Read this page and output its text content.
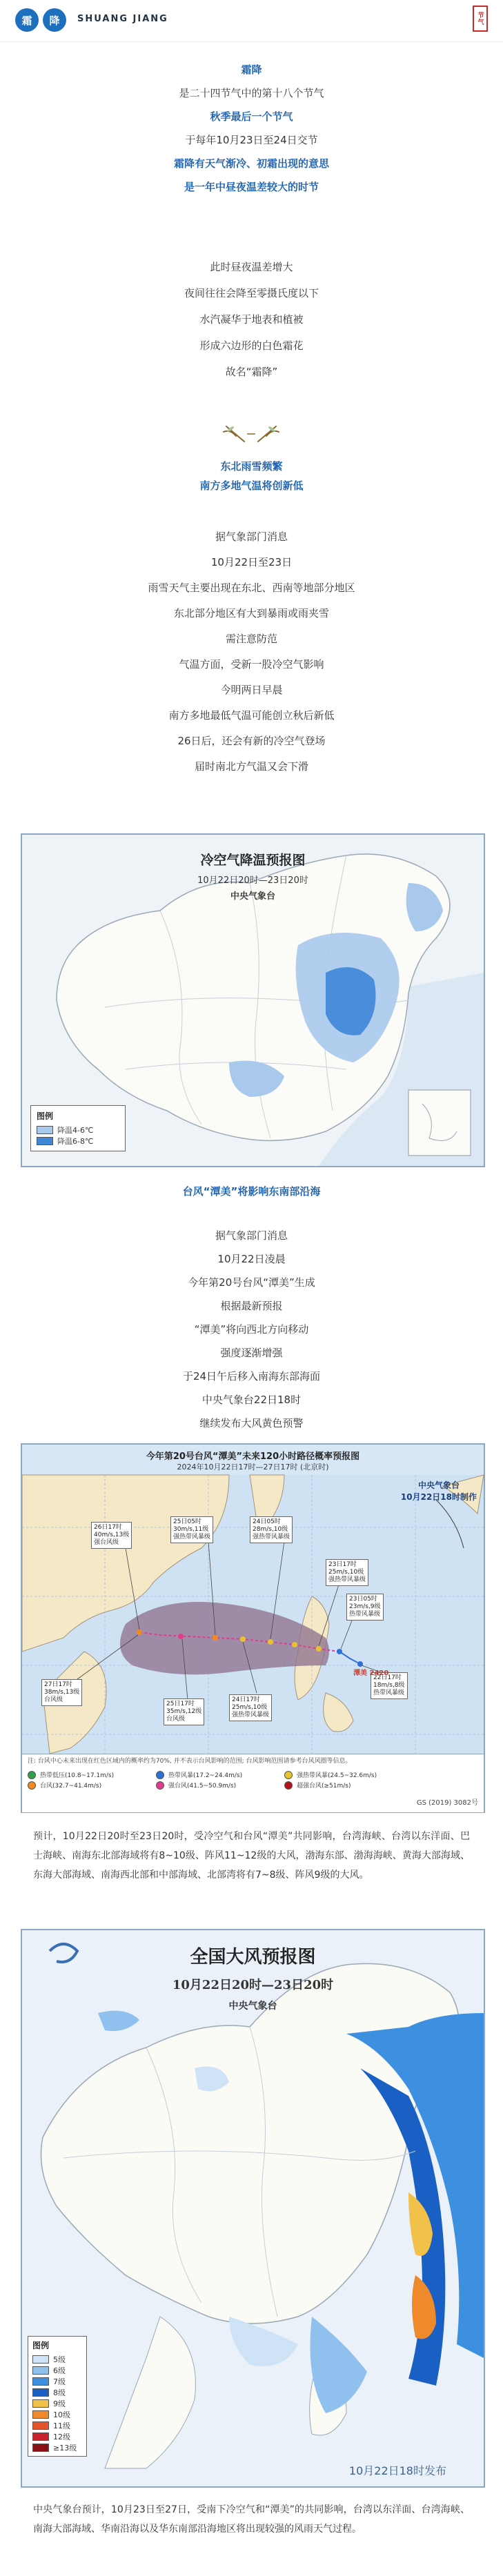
霜	降	SHUANG JIANG	节气
霜降
是二十四节气中的第十八个节气
秋季最后一个节气
于每年10月23日至24日交节
霜降有天气渐冷、初霜出现的意思
是一年中昼夜温差较大的时节
此时昼夜温差增大
夜间往往会降至零摄氏度以下
水汽凝华于地表和植被
形成六边形的白色霜花
故名“霜降”
东北雨雪频繁
南方多地气温将创新低
据气象部门消息
10月22日至23日
雨雪天气主要出现在东北、西南等地部分地区
东北部分地区有大到暴雨或雨夹雪
需注意防范
气温方面，受新一股冷空气影响
今明两日早晨
南方多地最低气温可能创立秋后新低
26日后，还会有新的冷空气登场
届时南北方气温又会下滑
冷空气降温预报图
10月22日20时—23日20时
中央气象台
图例
降温4-6℃
降温6-8℃
台风“潭美”将影响东南部沿海
据气象部门消息
10月22日凌晨
今年第20号台风“潭美”生成
根据最新预报
“潭美”将向西北方向移动
强度逐渐增强
于24日午后移入南海东部海面
中央气象台22日18时
继续发布大风黄色预警
今年第20号台风“潭美”未来120小时路径概率预报图
2024年10月22日17时—27日17时 (北京时)
中央气象台
10月22日18时制作
26日17时
40m/s,13级
强台风级
25日05时
30m/s,11级
强热带风暴级
24日05时
28m/s,10级
强热带风暴级
23日17时
25m/s,10级
强热带风暴级
23日05时
23m/s,9级
热带风暴级
22日17时
18m/s,8级
热带风暴级
24日17时
25m/s,10级
强热带风暴级
25日17时
35m/s,12级
台风级
27日17时
38m/s,13级
台风级
潭美 2420
注: 台风中心未来出现在红色区域内的概率约为70%, 并不表示台风影响的范围; 台风影响范围请参考台风风圈等信息。
热带低压(10.8~17.1m/s)	热带风暴(17.2~24.4m/s)	强热带风暴(24.5~32.6m/s)
台风(32.7~41.4m/s)	强台风(41.5~50.9m/s)	超强台风(≥51m/s)
GS (2019) 3082号
预计，10月22日20时至23日20时，受冷空气和台风“潭美”共同影响，台湾海峡、台湾以东洋面、巴士海峡、南海东北部海域将有8~10级、阵风11~12级的大风，渤海东部、渤海海峡、黄海大部海域、东海大部海域、南海西北部和中部海域、北部湾将有7~8级、阵风9级的大风。
全国大风预报图
10月22日20时—23日20时
中央气象台
图例
5级
6级
7级
8级
9级
10级
11级
12级
≥13级
10月22日18时发布
中央气象台预计，10月23日至27日，受南下冷空气和“潭美”的共同影响，台湾以东洋面、台湾海峡、南海大部海域、华南沿海以及华东南部沿海地区将出现较强的风雨天气过程。
